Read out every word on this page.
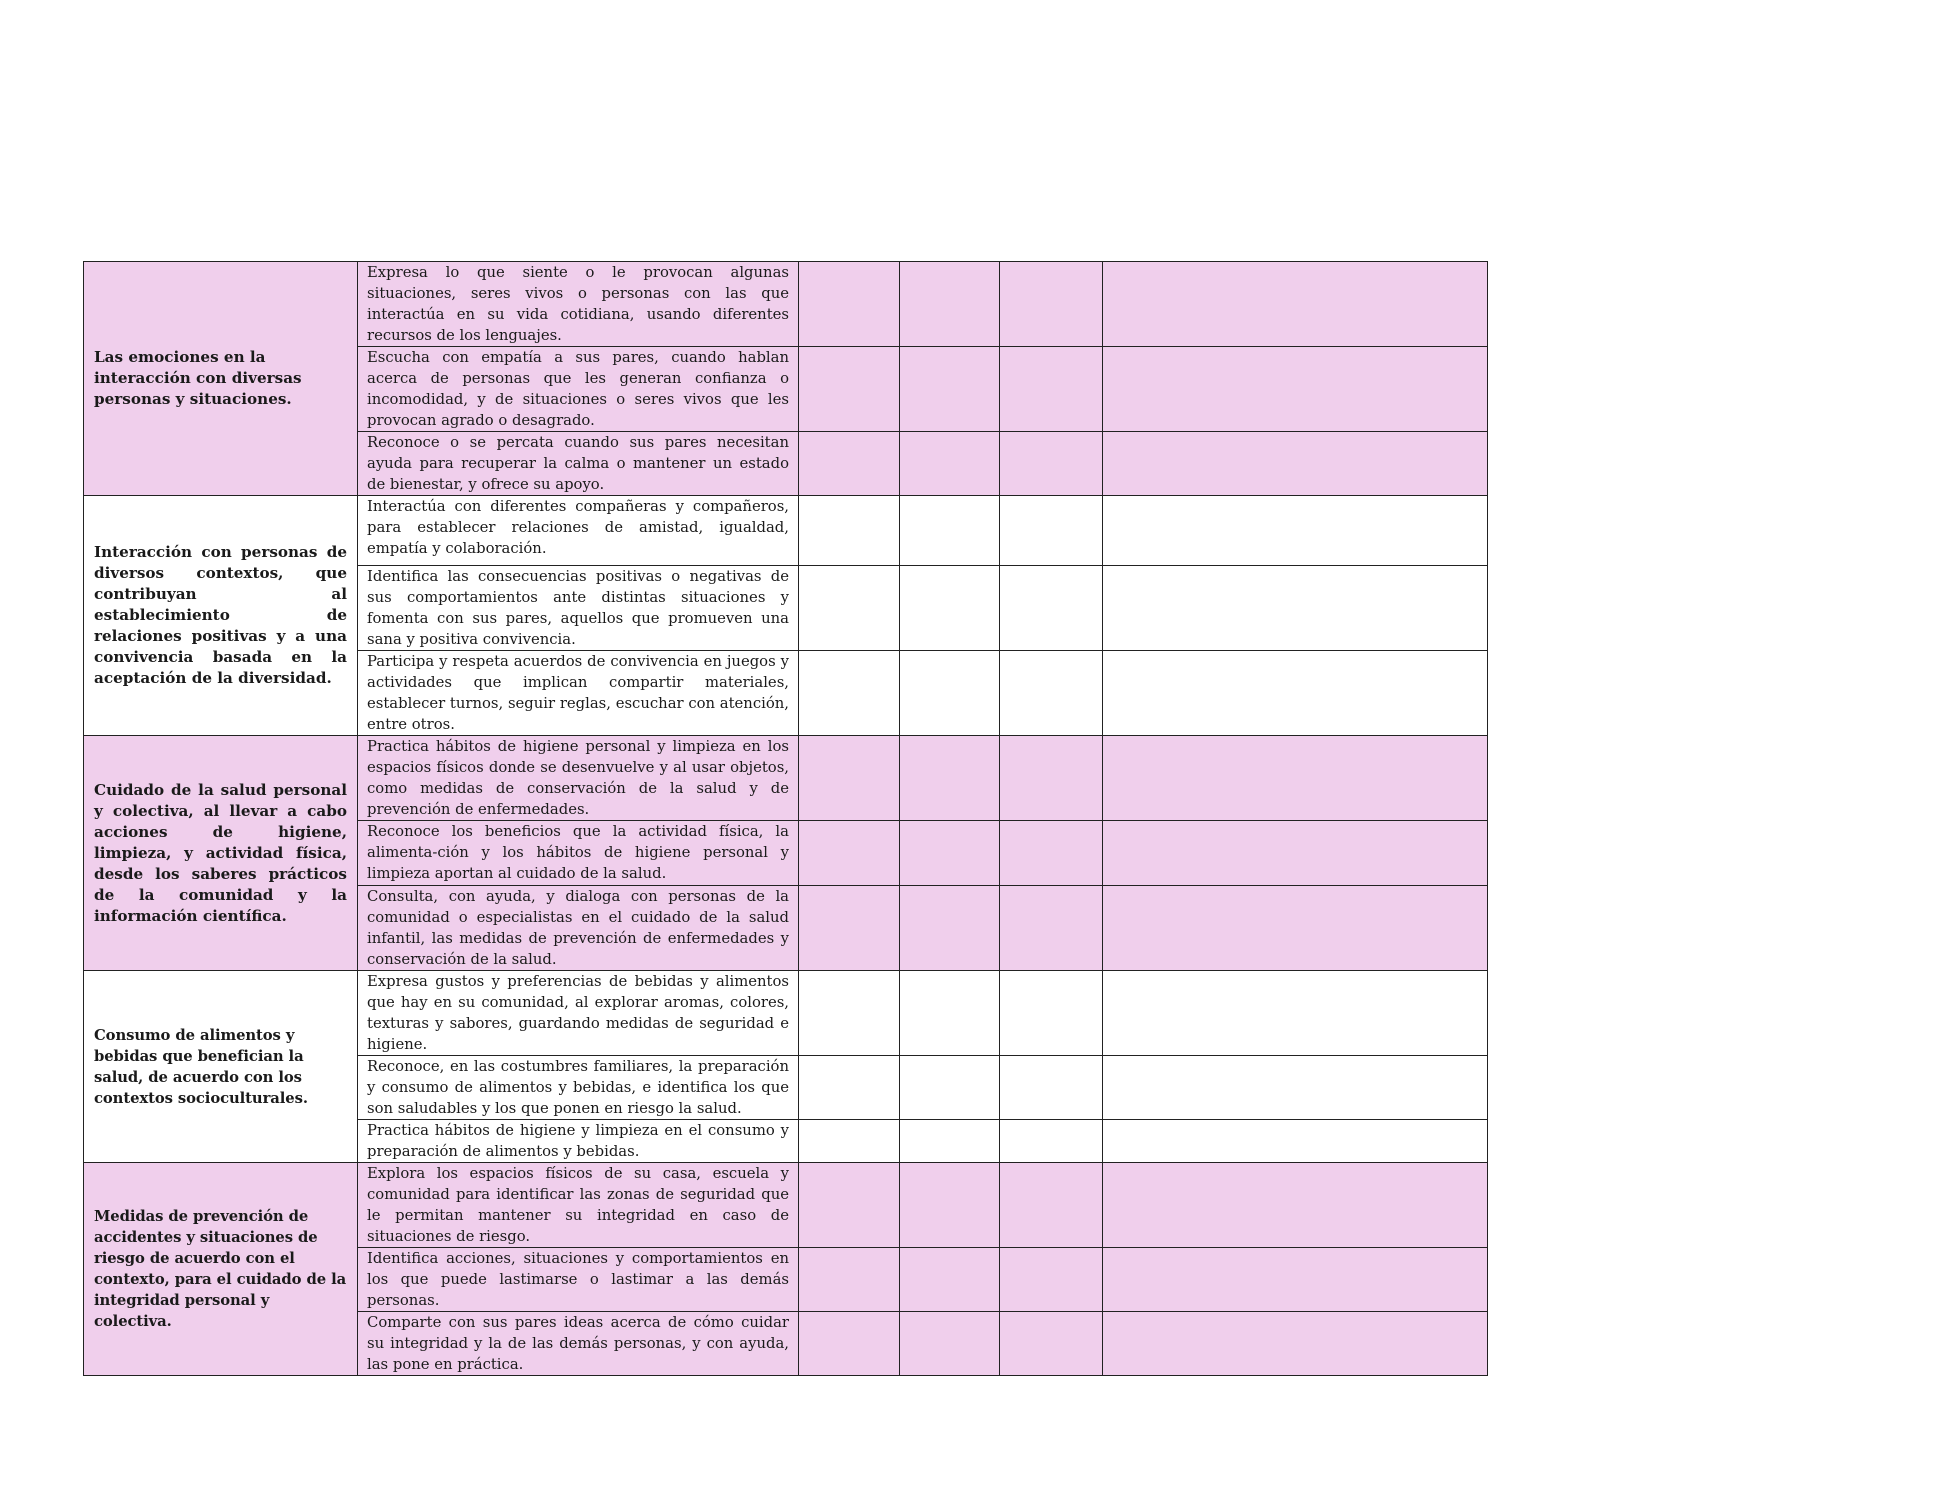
Las emociones en la interacción con diversas personas y situaciones.	Expresa lo que siente o le provocan algunas situaciones, seres vivos o personas con las que interactúa en su vida cotidiana, usando diferentes recursos de los lenguajes.				
	Escucha con empatía a sus pares, cuando hablan acerca de personas que les generan confianza o incomodidad, y de situaciones o seres vivos que les provocan agrado o desagrado.				
	Reconoce o se percata cuando sus pares necesitan ayuda para recuperar la calma o mantener un estado de bienestar, y ofrece su apoyo.				
Interacción con personas de diversos contextos, que contribuyan al establecimiento de relaciones positivas y a una convivencia basada en la aceptación de la diversidad.	Interactúa con diferentes compañeras y compañeros, para establecer relaciones de amistad, igualdad, empatía y colaboración.				
	Identifica las consecuencias positivas o negativas de sus comportamientos ante distintas situaciones y fomenta con sus pares, aquellos que promueven una sana y positiva convivencia.				
	Participa y respeta acuerdos de convivencia en juegos y actividades que implican compartir materiales, establecer turnos, seguir reglas, escuchar con atención, entre otros.				
Cuidado de la salud personal y colectiva, al llevar a cabo acciones de higiene, limpieza, y actividad física, desde los saberes prácticos de la comunidad y la información científica.	Practica hábitos de higiene personal y limpieza en los espacios físicos donde se desenvuelve y al usar objetos, como medidas de conservación de la salud y de prevención de enfermedades.				
	Reconoce los beneficios que la actividad física, la alimenta-ción y los hábitos de higiene personal y limpieza aportan al cuidado de la salud.				
	Consulta, con ayuda, y dialoga con personas de la comunidad o especialistas en el cuidado de la salud infantil, las medidas de prevención de enfermedades y conservación de la salud.				
Consumo de alimentos y bebidas que benefician la salud, de acuerdo con los contextos socioculturales.	Expresa gustos y preferencias de bebidas y alimentos que hay en su comunidad, al explorar aromas, colores, texturas y sabores, guardando medidas de seguridad e higiene.				
	Reconoce, en las costumbres familiares, la preparación y consumo de alimentos y bebidas, e identifica los que son saludables y los que ponen en riesgo la salud.				
	Practica hábitos de higiene y limpieza en el consumo y preparación de alimentos y bebidas.				
Medidas de prevención de accidentes y situaciones de riesgo de acuerdo con el contexto, para el cuidado de la integridad personal y colectiva.	Explora los espacios físicos de su casa, escuela y comunidad para identificar las zonas de seguridad que le permitan mantener su integridad en caso de situaciones de riesgo.				
	Identifica acciones, situaciones y comportamientos en los que puede lastimarse o lastimar a las demás personas.				
	Comparte con sus pares ideas acerca de cómo cuidar su integridad y la de las demás personas, y con ayuda, las pone en práctica.				
